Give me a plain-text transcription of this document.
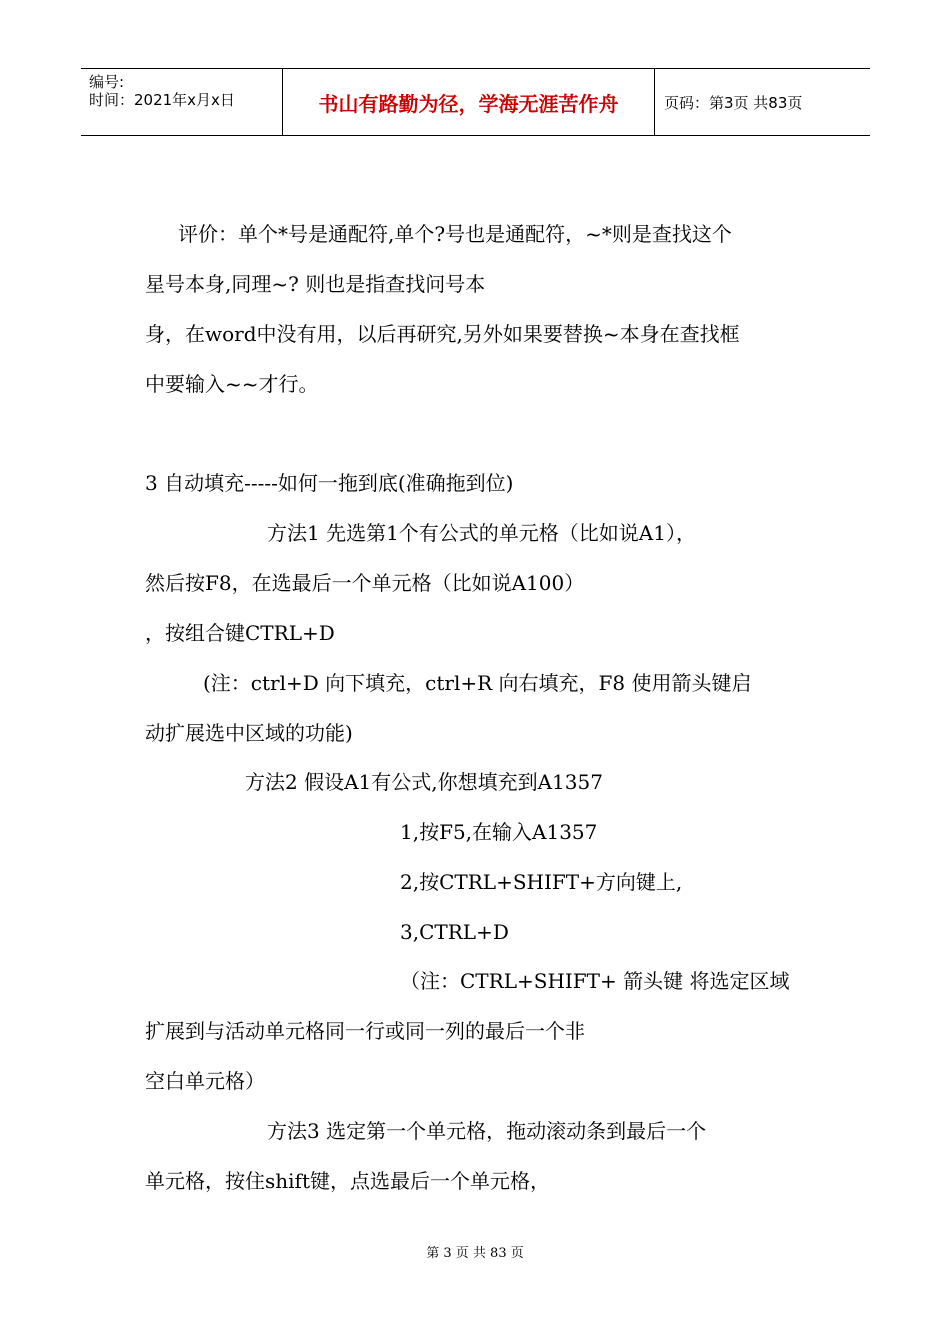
编号:
时间：2021年x月x日	书山有路勤为径，学海无涯苦作舟	页码：第3页 共83页
评价：单个*号是通配符,单个?号也是通配符，~*则是查找这个
星号本身,同理~? 则也是指查找问号本
身，在word中没有用，以后再研究,另外如果要替换~本身在查找框
中要输入~~才行。
3 自动填充-----如何一拖到底(准确拖到位)
方法1 先选第1个有公式的单元格（比如说A1），
然后按F8，在选最后一个单元格（比如说A100）
，按组合键CTRL+D
(注：ctrl+D 向下填充，ctrl+R 向右填充，F8 使用箭头键启
动扩展选中区域的功能)
方法2 假设A1有公式,你想填充到A1357
1,按F5,在输入A1357
2,按CTRL+SHIFT+方向键上,
3,CTRL+D
（注：CTRL+SHIFT+ 箭头键 将选定区域
扩展到与活动单元格同一行或同一列的最后一个非
空白单元格）
方法3 选定第一个单元格，拖动滚动条到最后一个
单元格，按住shift键，点选最后一个单元格，
第 3 页 共 83 页
